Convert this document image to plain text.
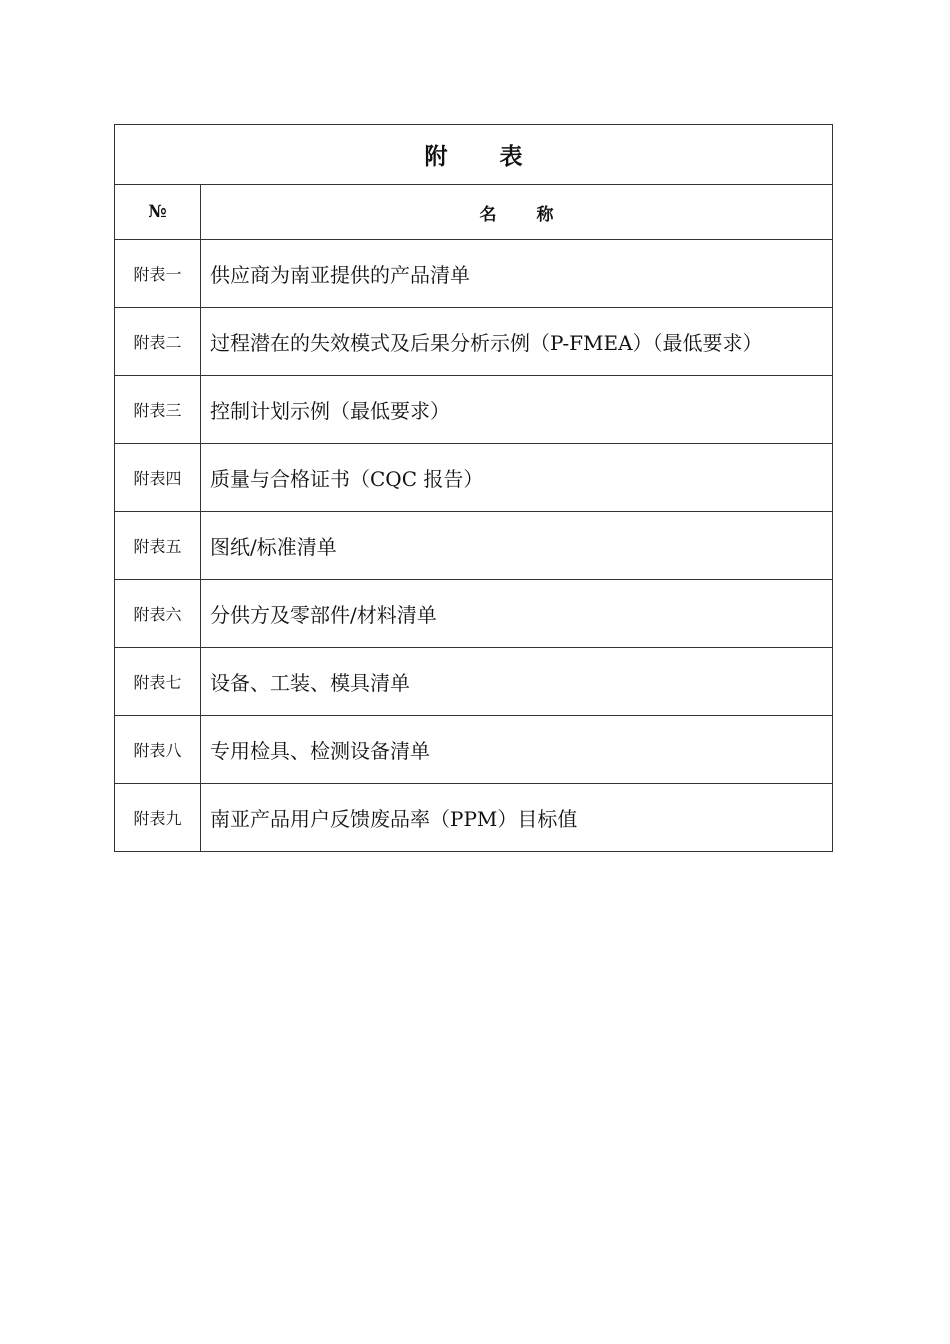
附表	
№	名称
附表一	供应商为南亚提供的产品清单
附表二	过程潜在的失效模式及后果分析示例（P-FMEA）（最低要求）
附表三	控制计划示例（最低要求）
附表四	质量与合格证书（CQC 报告）
附表五	图纸/标准清单
附表六	分供方及零部件/材料清单
附表七	设备、工装、模具清单
附表八	专用检具、检测设备清单
附表九	南亚产品用户反馈废品率（PPM）目标值
